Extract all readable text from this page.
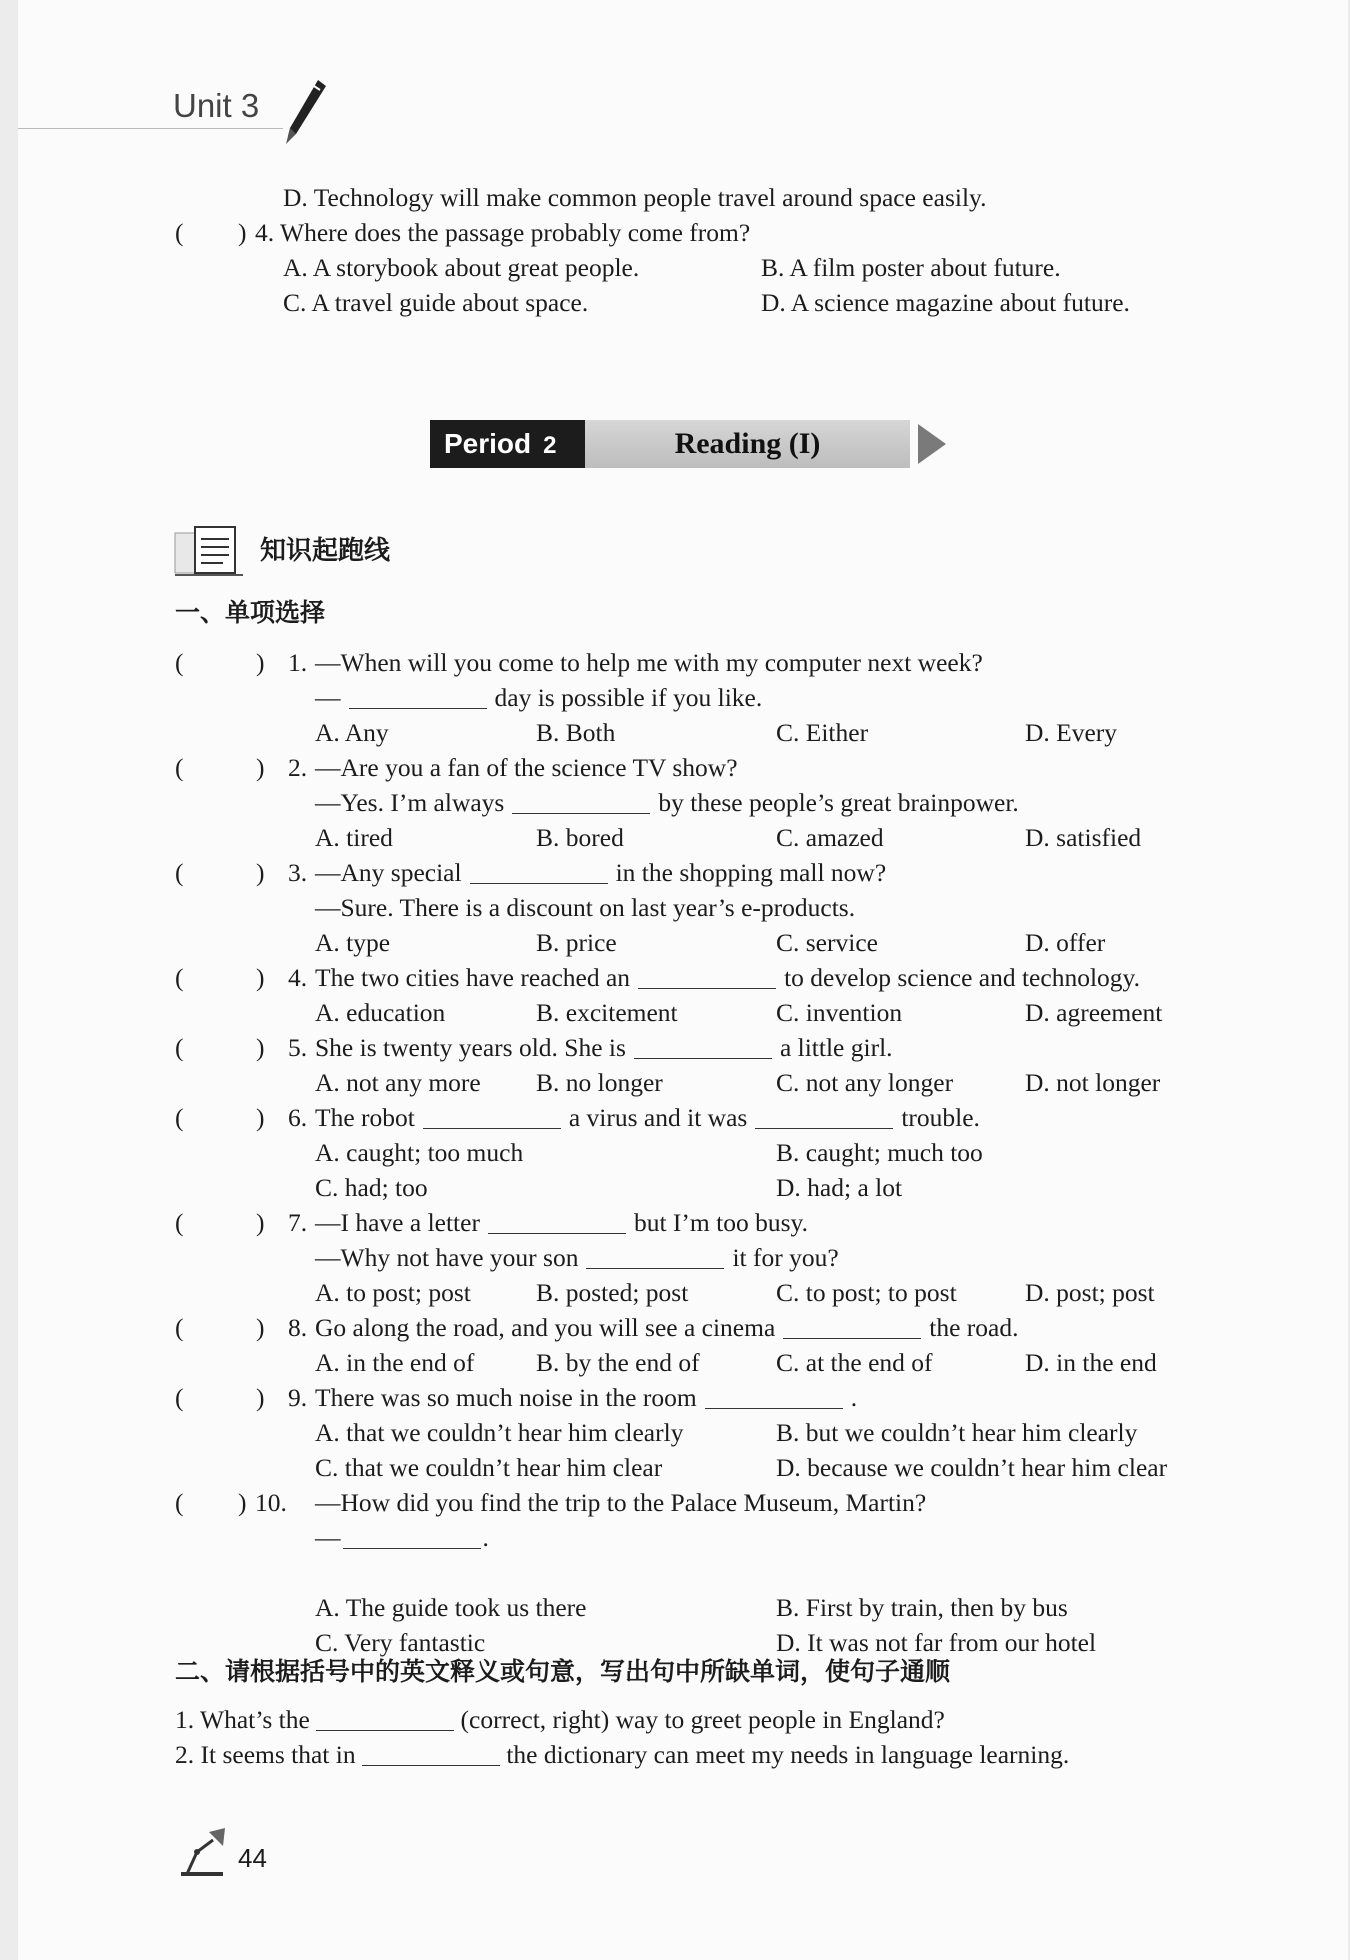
Unit 3
D. Technology will make common people travel around space easily.
( ) 4. Where does the passage probably come from?
A. A storybook about great people.	B. A film poster about future.
C. A travel guide about space.	D. A science magazine about future.
Period 2	Reading (I)
知识起跑线
一、单项选择
二、请根据括号中的英文释义或句意，写出句中所缺单词，使句子通顺
1. What’s the	(correct, right) way to greet people in England?
2. It seems that in	the dictionary can meet my needs in language learning.
44
(	) 1. —When will you come to help me with my computer next week?
—	day is possible if you like.
A. Any	B. Both	C. Either	D. Every
(	) 2. —Are you a fan of the science TV show?
—Yes. I’m always	by these people’s great brainpower.
A. tired	B. bored	C. amazed	D. satisfied
(	) 3. —Any special	in the shopping mall now?
—Sure. There is a discount on last year’s e-products.
A. type	B. price	C. service	D. offer
(	) 4. The two cities have reached an	to develop science and technology.
A. education	B. excitement	C. invention	D. agreement
(	) 5. She is twenty years old. She is	a little girl.
A. not any more B. no longer	C. not any longer	D. not longer
(	) 6. The robot	a virus and it was	trouble.
A. caught; too much	B. caught; much too
C. had; too	D. had; a lot
(	) 7. —I have a letter	but I’m too busy.
—Why not have your son	it for you?
A. to post; post	B. posted; post	C. to post; to post	D. post; post
(	) 8. Go along the road, and you will see a cinema	the road.
A. in the end of B. by the end of	C. at the end of	D. in the end
(	) 9. There was so much noise in the room	.
A. that we couldn’t hear him clearly	B. but we couldn’t hear him clearly
C. that we couldn’t hear him clear	D. because we couldn’t hear him clear
( ) 10. —How did you find the trip to the Palace Museum, Martin?
—	.
A. The guide took us there	B. First by train, then by bus
C. Very fantastic	D. It was not far from our hotel
